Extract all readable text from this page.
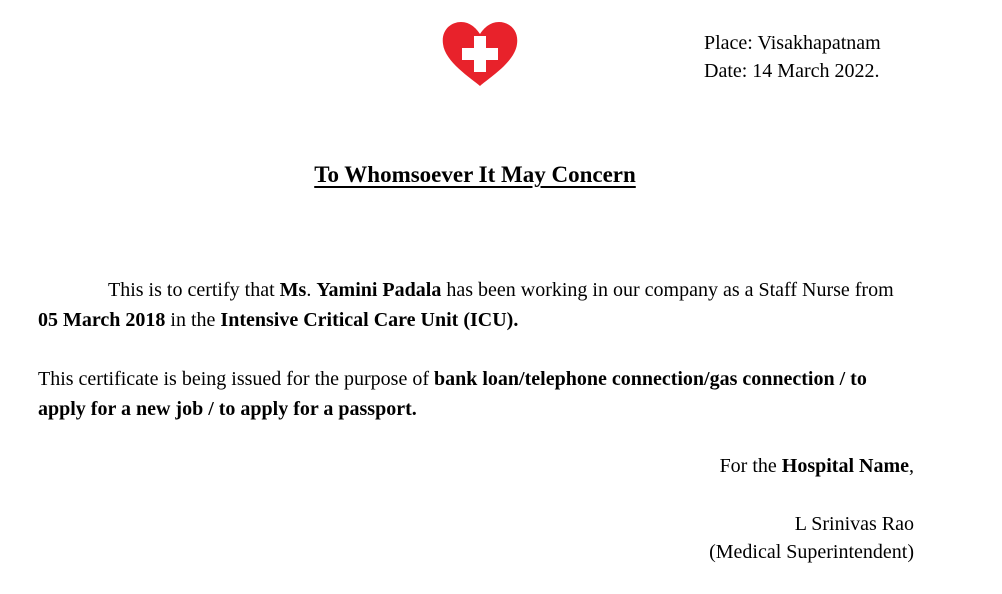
Place: Visakhapatnam
Date: 14 March 2022.
To Whomsoever It May Concern
This is to certify that Ms. Yamini Padala has been working in our company as a Staff Nurse from 05 March 2018 in the Intensive Critical Care Unit (ICU).
This certificate is being issued for the purpose of bank loan/telephone connection/gas connection / to apply for a new job / to apply for a passport.
For the Hospital Name,
L Srinivas Rao
(Medical Superintendent)
